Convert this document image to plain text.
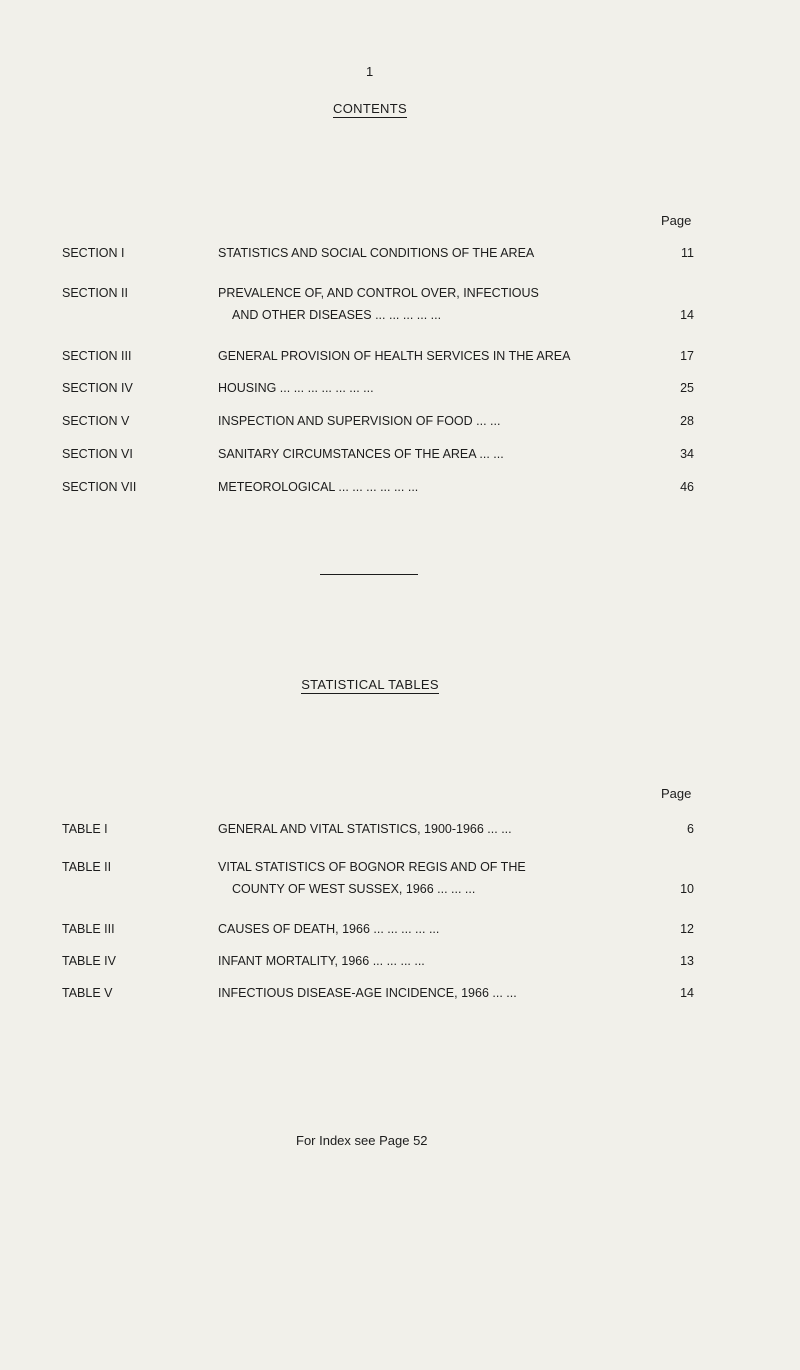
1
CONTENTS
Page
SECTION I	STATISTICS AND SOCIAL CONDITIONS OF THE AREA	11
SECTION II	PREVALENCE OF, AND CONTROL OVER, INFECTIOUS
AND OTHER DISEASES ... ... ... ... ...	14
SECTION III	GENERAL PROVISION OF HEALTH SERVICES IN THE AREA	17
SECTION IV	HOUSING ... ... ... ... ... ... ...	25
SECTION V	INSPECTION AND SUPERVISION OF FOOD ... ...	28
SECTION VI	SANITARY CIRCUMSTANCES OF THE AREA ... ...	34
SECTION VII	METEOROLOGICAL ... ... ... ... ... ...	46
STATISTICAL TABLES
Page
TABLE I	GENERAL AND VITAL STATISTICS, 1900-1966 ... ...	6
TABLE II	VITAL STATISTICS OF BOGNOR REGIS AND OF THE
COUNTY OF WEST SUSSEX, 1966 ... ... ...	10
TABLE III	CAUSES OF DEATH, 1966 ... ... ... ... ...	12
TABLE IV	INFANT MORTALITY, 1966 ... ... ... ...	13
TABLE V	INFECTIOUS DISEASE-AGE INCIDENCE, 1966 ... ...	14
For Index see Page 52
